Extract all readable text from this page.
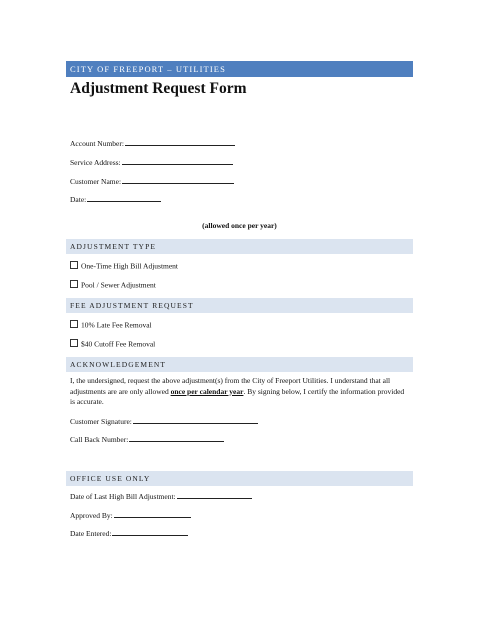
CITY OF FREEPORT – UTILITIES
Adjustment Request Form
Account Number:
Service Address:
Customer Name:
Date:
(allowed once per year)
ADJUSTMENT TYPE
One-Time High Bill Adjustment
Pool / Sewer Adjustment
FEE ADJUSTMENT REQUEST
10% Late Fee Removal
$40 Cutoff Fee Removal
ACKNOWLEDGEMENT
I, the undersigned, request the above adjustment(s) from the City of Freeport Utilities. I understand that all adjustments are are only allowed once per calendar year. By signing below, I certify the information provided is accurate.
Customer Signature:
Call Back Number:
OFFICE USE ONLY
Date of Last High Bill Adjustment:
Approved By:
Date Entered:
